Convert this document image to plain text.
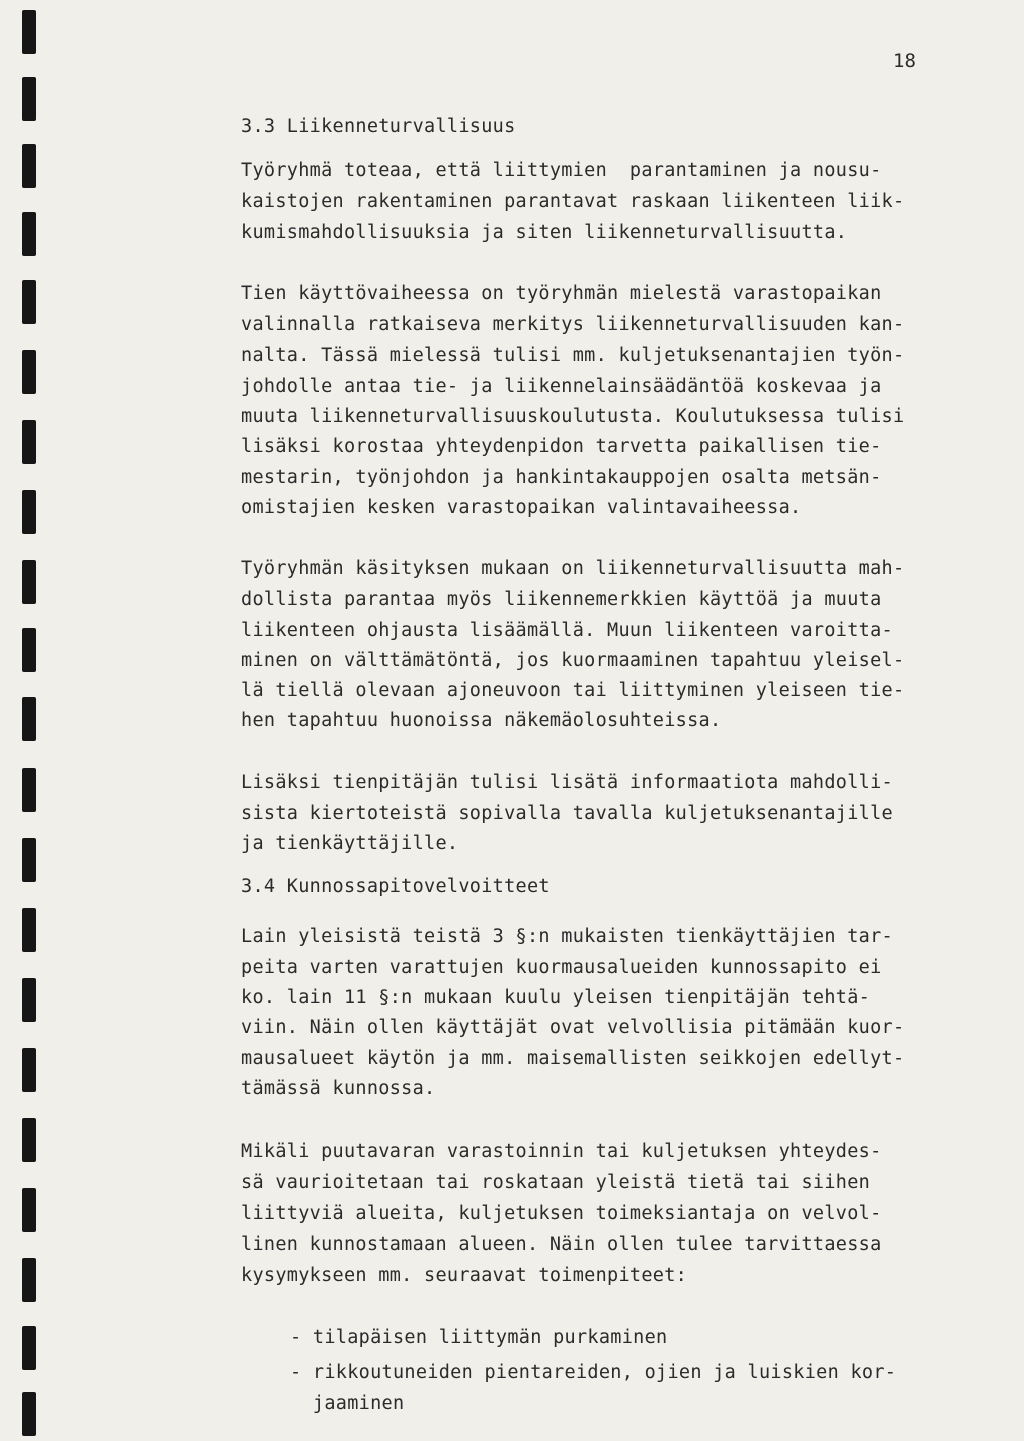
18
3.3 Liikenneturvallisuus
Työryhmä toteaa, että liittymien  parantaminen ja nousu-
kaistojen rakentaminen parantavat raskaan liikenteen liik-
kumismahdollisuuksia ja siten liikenneturvallisuutta.
Tien käyttövaiheessa on työryhmän mielestä varastopaikan
valinnalla ratkaiseva merkitys liikenneturvallisuuden kan-
nalta. Tässä mielessä tulisi mm. kuljetuksenantajien työn-
johdolle antaa tie- ja liikennelainsäädäntöä koskevaa ja
muuta liikenneturvallisuuskoulutusta. Koulutuksessa tulisi
lisäksi korostaa yhteydenpidon tarvetta paikallisen tie-
mestarin, työnjohdon ja hankintakauppojen osalta metsän-
omistajien kesken varastopaikan valintavaiheessa.
Työryhmän käsityksen mukaan on liikenneturvallisuutta mah-
dollista parantaa myös liikennemerkkien käyttöä ja muuta
liikenteen ohjausta lisäämällä. Muun liikenteen varoitta-
minen on välttämätöntä, jos kuormaaminen tapahtuu yleisel-
lä tiellä olevaan ajoneuvoon tai liittyminen yleiseen tie-
hen tapahtuu huonoissa näkemäolosuhteissa.
Lisäksi tienpitäjän tulisi lisätä informaatiota mahdolli-
sista kiertoteistä sopivalla tavalla kuljetuksenantajille
ja tienkäyttäjille.
3.4 Kunnossapitovelvoitteet
Lain yleisistä teistä 3 §:n mukaisten tienkäyttäjien tar-
peita varten varattujen kuormausalueiden kunnossapito ei
ko. lain 11 §:n mukaan kuulu yleisen tienpitäjän tehtä-
viin. Näin ollen käyttäjät ovat velvollisia pitämään kuor-
mausalueet käytön ja mm. maisemallisten seikkojen edellyt-
tämässä kunnossa.
Mikäli puutavaran varastoinnin tai kuljetuksen yhteydes-
sä vaurioitetaan tai roskataan yleistä tietä tai siihen
liittyviä alueita, kuljetuksen toimeksiantaja on velvol-
linen kunnostamaan alueen. Näin ollen tulee tarvittaessa
kysymykseen mm. seuraavat toimenpiteet:
- tilapäisen liittymän purkaminen
- rikkoutuneiden pientareiden, ojien ja luiskien kor-
jaaminen
